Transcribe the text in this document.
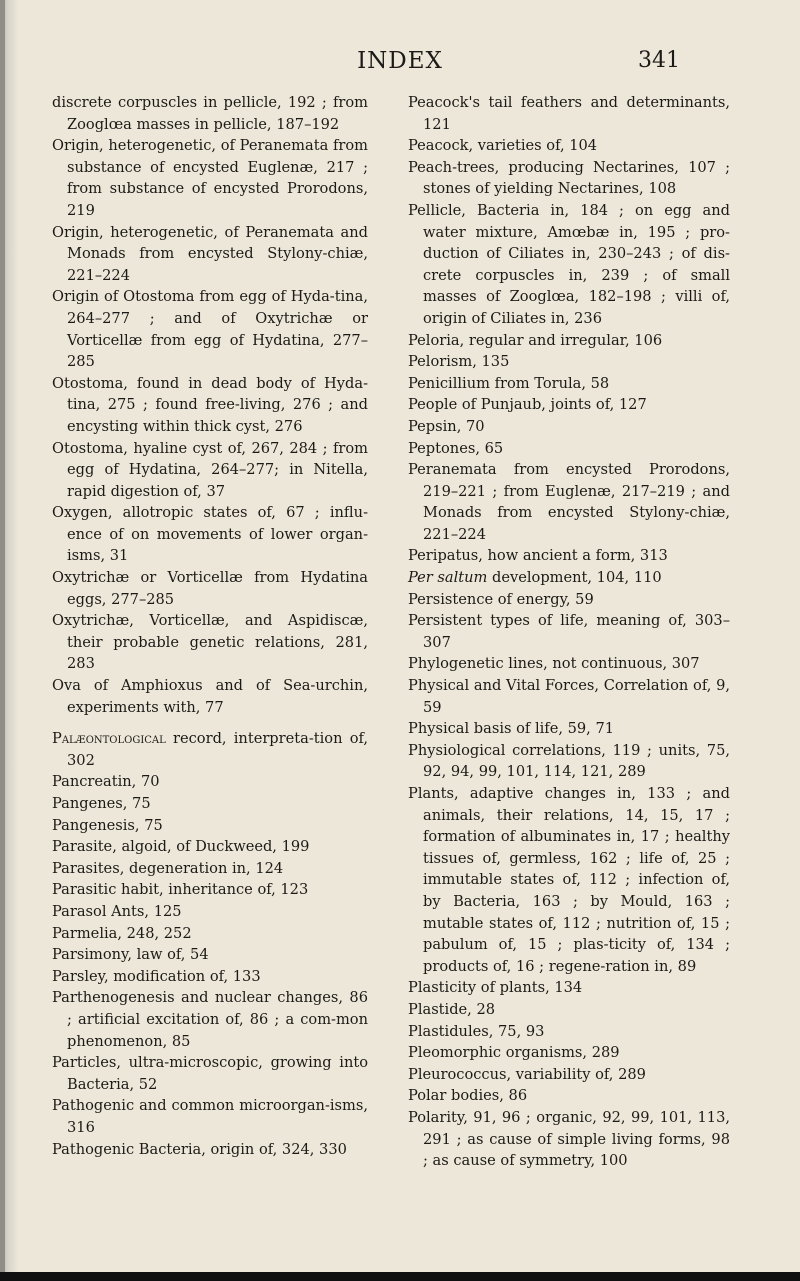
INDEX	341

discrete corpuscles in pellicle, 192 ; from Zooglœa masses in pellicle, 187–192

Origin, heterogenetic, of Peranemata from substance of encysted Euglenæ, 217 ; from substance of encysted Prorodons, 219

Origin, heterogenetic, of Peranemata and Monads from encysted Stylony-chiæ, 221–224

Origin of Otostoma from egg of Hyda-tina, 264–277 ; and of Oxytrichæ or Vorticellæ from egg of Hydatina, 277–285

Otostoma, found in dead body of Hyda-tina, 275 ; found free-living, 276 ; and encysting within thick cyst, 276

Otostoma, hyaline cyst of, 267, 284 ; from egg of Hydatina, 264–277; in Nitella, rapid digestion of, 37

Oxygen, allotropic states of, 67 ; influ-ence of on movements of lower organ-isms, 31

Oxytrichæ or Vorticellæ from Hydatina eggs, 277–285

Oxytrichæ, Vorticellæ, and Aspidiscæ, their probable genetic relations, 281, 283

Ova of Amphioxus and of Sea-urchin, experiments with, 77

Palæontological record, interpreta-tion of, 302

Pancreatin, 70

Pangenes, 75

Pangenesis, 75

Parasite, algoid, of Duckweed, 199

Parasites, degeneration in, 124

Parasitic habit, inheritance of, 123

Parasol Ants, 125

Parmelia, 248, 252

Parsimony, law of, 54

Parsley, modification of, 133

Parthenogenesis and nuclear changes, 86 ; artificial excitation of, 86 ; a com-mon phenomenon, 85

Particles, ultra-microscopic, growing into Bacteria, 52

Pathogenic and common microorgan-isms, 316

Pathogenic Bacteria, origin of, 324, 330

Peacock's tail feathers and determinants, 121

Peacock, varieties of, 104

Peach-trees, producing Nectarines, 107 ; stones of yielding Nectarines, 108

Pellicle, Bacteria in, 184 ; on egg and water mixture, Amœbæ in, 195 ; pro-duction of Ciliates in, 230–243 ; of dis-crete corpuscles in, 239 ; of small masses of Zooglœa, 182–198 ; villi of, origin of Ciliates in, 236

Peloria, regular and irregular, 106

Pelorism, 135

Penicillium from Torula, 58

People of Punjaub, joints of, 127

Pepsin, 70

Peptones, 65

Peranemata from encysted Prorodons, 219–221 ; from Euglenæ, 217–219 ; and Monads from encysted Stylony-chiæ, 221–224

Peripatus, how ancient a form, 313

Per saltum development, 104, 110

Persistence of energy, 59

Persistent types of life, meaning of, 303–307

Phylogenetic lines, not continuous, 307

Physical and Vital Forces, Correlation of, 9, 59

Physical basis of life, 59, 71

Physiological correlations, 119 ; units, 75, 92, 94, 99, 101, 114, 121, 289

Plants, adaptive changes in, 133 ; and animals, their relations, 14, 15, 17 ; formation of albuminates in, 17 ; healthy tissues of, germless, 162 ; life of, 25 ; immutable states of, 112 ; infection of, by Bacteria, 163 ; by Mould, 163 ; mutable states of, 112 ; nutrition of, 15 ; pabulum of, 15 ; plas-ticity of, 134 ; products of, 16 ; regene-ration in, 89

Plasticity of plants, 134

Plastide, 28

Plastidules, 75, 93

Pleomorphic organisms, 289

Pleurococcus, variability of, 289

Polar bodies, 86

Polarity, 91, 96 ; organic, 92, 99, 101, 113, 291 ; as cause of simple living forms, 98 ; as cause of symmetry, 100
